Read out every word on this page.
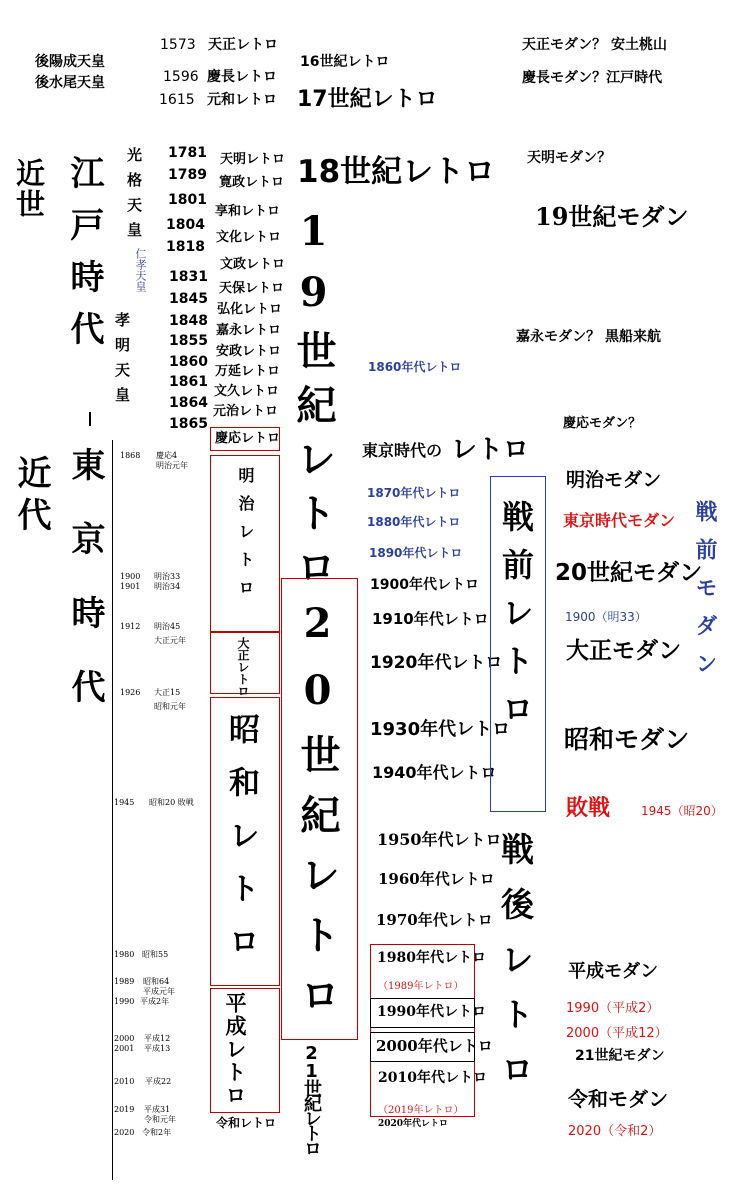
近世 江戸時代
近代 東京時代
後陽成天皇
後水尾天皇
光格天皇
仁孝天皇
孝明天皇
1573
1596
1615
天正レトロ
慶長レトロ
元和レトロ
1781
1789
1801
1804
1818
1831
1845
1848
1855
1860
1861
1864
1865
天明レトロ
寛政レトロ
享和レトロ
文化レトロ
文政レトロ
天保レトロ
弘化レトロ
嘉永レトロ
安政レトロ
万延レトロ
文久レトロ
元治レトロ
16世紀レトロ
17世紀レトロ
18世紀レトロ
19世紀レトロ
20世紀レトロ
21世紀レトロ
1868 慶応4
明治元年
1900 明治33
1901 明治34
1912 明治45
大正元年
1926 大正15
昭和元年
1945 昭和20 敗戦
1980 昭和55
1989 昭和64
平成元年
1990 平成2年
2000 平成12
2001 平成13
2010 平成22
2019 平成31
令和元年
2020 令和2年
慶応レトロ
明治レトロ
大正レトロ
昭和レトロ
平成レトロ
令和レトロ
1860年代レトロ
東京時代の レトロ
1870年代レトロ
1880年代レトロ
1890年代レトロ
1900年代レトロ
1910年代レトロ
1920年代レトロ
1930年代レトロ
1940年代レトロ
1950年代レトロ
1960年代レトロ
1970年代レトロ
1980年代レトロ
（1989年レトロ）
1990年代レトロ
2000年代レトロ
2010年代レトロ
（2019年レトロ）
2020年代レトロ
戦前レトロ
戦後レトロ
天正モダン？ 安土桃山
慶長モダン？江戸時代
天明モダン？
19世紀モダン
嘉永モダン？ 黒船来航
慶応モダン？
明治モダン
東京時代モダン
20世紀モダン
1900（明33）
大正モダン
昭和モダン
敗戦	1945（昭20）
平成モダン
1990（平成2）
2000（平成12）
21世紀モダン
令和モダン
2020（令和2）
戦前モダン
